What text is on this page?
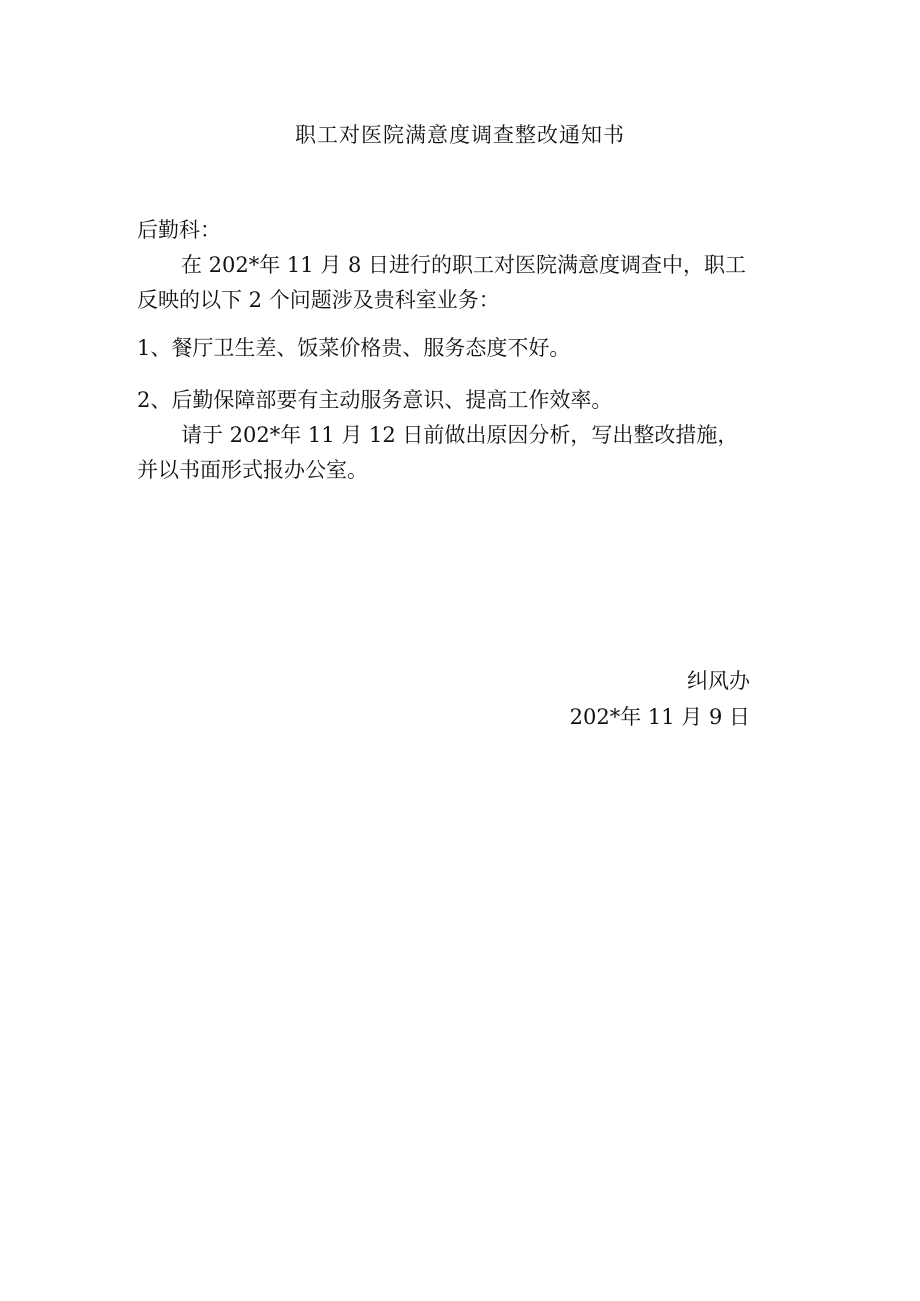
职工对医院满意度调查整改通知书
后勤科：
在 202*年 11 月 8 日进行的职工对医院满意度调查中，职工
反映的以下 2 个问题涉及贵科室业务：
1、餐厅卫生差、饭菜价格贵、服务态度不好。
2、后勤保障部要有主动服务意识、提高工作效率。
请于 202*年 11 月 12 日前做出原因分析，写出整改措施，
并以书面形式报办公室。
纠风办
202*年 11 月 9 日
